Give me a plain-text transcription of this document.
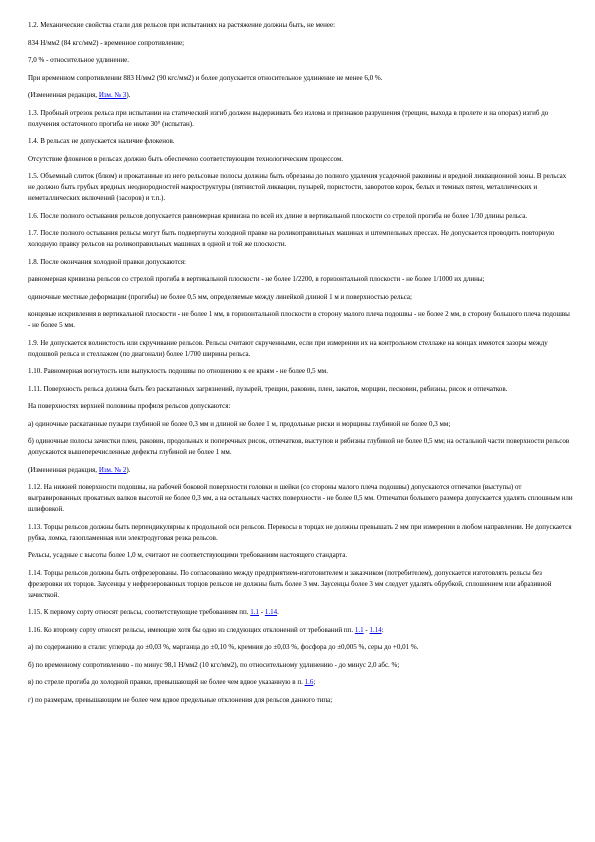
1.2. Механические свойства стали для рельсов при испытаниях на растяжение должны быть, не менее:

834 Н/мм2 (84 кгс/мм2) - временное сопротивление;

7,0 % - относительное удлинение.

При временном сопротивлении 883 Н/мм2 (90 кгс/мм2) и более допускается относительное удлинение не менее 6,0 %.

(Измененная редакция, Изм. № 3).

1.3. Пробный отрезок рельса при испытании на статический изгиб должен выдерживать без излома и признаков разрушения (трещин, выхода в пролете и на опорах) изгиб до получения остаточного прогиба не ниже 30° (испытан).

1.4. В рельсах не допускается наличие флокенов.

Отсутствие флокенов в рельсах должно быть обеспечено соответствующим технологическим процессом.

1.5. Объемный слиток (блюм) и прокатанные из него рельсовые полосы должны быть обрезаны до полного удаления усадочной раковины и вредной ликвационной зоны. В рельсах не должно быть грубых вредных неоднородностей макроструктуры (пятнистой ликвации, пузырей, пористости, заворотов корок, белых и темных пятен, металлических и неметаллических включений (засоров) и т.п.).

1.6. После полного остывания рельсов допускается равномерная кривизна по всей их длине в вертикальной плоскости со стрелой прогиба не более 1/30 длины рельса.

1.7. После полного остывания рельсы могут быть подвергнуты холодной правке на роликоправильных машинах и штемпельных прессах. Не допускается проводить повторную холодную правку рельсов на роликоправильных машинах в одной и той же плоскости.

1.8. После окончания холодной правки допускаются:

равномерная кривизна рельсов со стрелой прогиба в вертикальной плоскости - не более 1/2200, в горизонтальной плоскости - не более 1/1000 их длины;

одиночные местные деформации (прогибы) не более 0,5 мм, определяемые между линейкой длиной 1 м и поверхностью рельса;

концевые искривления в вертикальной плоскости - не более 1 мм, в горизонтальной плоскости в сторону малого плеча подошвы - не более 2 мм, в сторону большого плеча подошвы - не более 5 мм.

1.9. Не допускается волнистость или скручивание рельсов. Рельсы считают скрученными, если при измерении их на контрольном стеллаже на концах имеются зазоры между подошвой рельса и стеллажом (по диагонали) более 1/700 ширины рельса.

1.10. Равномерная вогнутость или выпуклость подошвы по отношению к ее краям - не более 0,5 мм.

1.11. Поверхность рельса должна быть без раскатанных загрязнений, пузырей, трещин, раковин, плен, закатов, морщин, песковин, рябизны, рисок и отпечатков.

На поверхностях верхней половины профиля рельсов допускаются:

а) одиночные раскатанные пузыри глубиной не более 0,3 мм и длиной не более 1 м, продольные риски и морщины глубиной не более 0,3 мм;

б) одиночные полосы зачистки плен, раковин, продольных и поперечных рисок, отпечатков, выступов и рябизны глубиной не более 0,5 мм; на остальной части поверхности рельсов допускаются вышеперечисленные дефекты глубиной не более 1 мм.

(Измененная редакция, Изм. № 2).

1.12. На нижней поверхности подошвы, на рабочей боковой поверхности головки и шейки (со стороны малого плеча подошвы) допускаются отпечатки (выступы) от выгравированных прокатных валков высотой не более 0,3 мм, а на остальных частях поверхности - не более 0,5 мм. Отпечатки большего размера допускается удалять сплошным или шлифовкой.

1.13. Торцы рельсов должны быть перпендикулярны к продольной оси рельсов. Перекосы в торцах не должны превышать 2 мм при измерении в любом направлении. Не допускается рубка, ломка, газопламенная или электродуговая резка рельсов.

Рельсы, усадные с высоты более 1,0 м, считают не соответствующими требованиям настоящего стандарта.

1.14. Торцы рельсов должны быть отфрезерованы. По согласованию между предприятием-изготовителем и заказчиком (потребителем), допускается изготовлять рельсы без фрезеровки их торцов. Заусенцы у нефрезерованных торцов рельсов не должны быть более 3 мм. Заусенцы более 3 мм следует удалять обрубкой, сплошением или абразивной зачисткой.

1.15. К первому сорту относят рельсы, соответствующие требованиям пп. 1.1 - 1.14.

1.16. Ко второму сорту относят рельсы, имеющие хотя бы одно из следующих отклонений от требований пп. 1.1 - 1.14:

а) по содержанию в стали: углерода до ±0,03 %, марганца до ±0,10 %, кремния до ±0,03 %, фосфора до ±0,005 %, серы до +0,01 %.

б) по временному сопротивлению - по минус 98,1 Н/мм2 (10 кгс/мм2), по относительному удлинению - до минус 2,0 абс. %;

в) по стреле прогиба до холодной правки, превышающей не более чем вдвое указанную в п. 1.6;

г) по размерам, превышающим не более чем вдвое предельные отклонения для рельсов данного типа;
